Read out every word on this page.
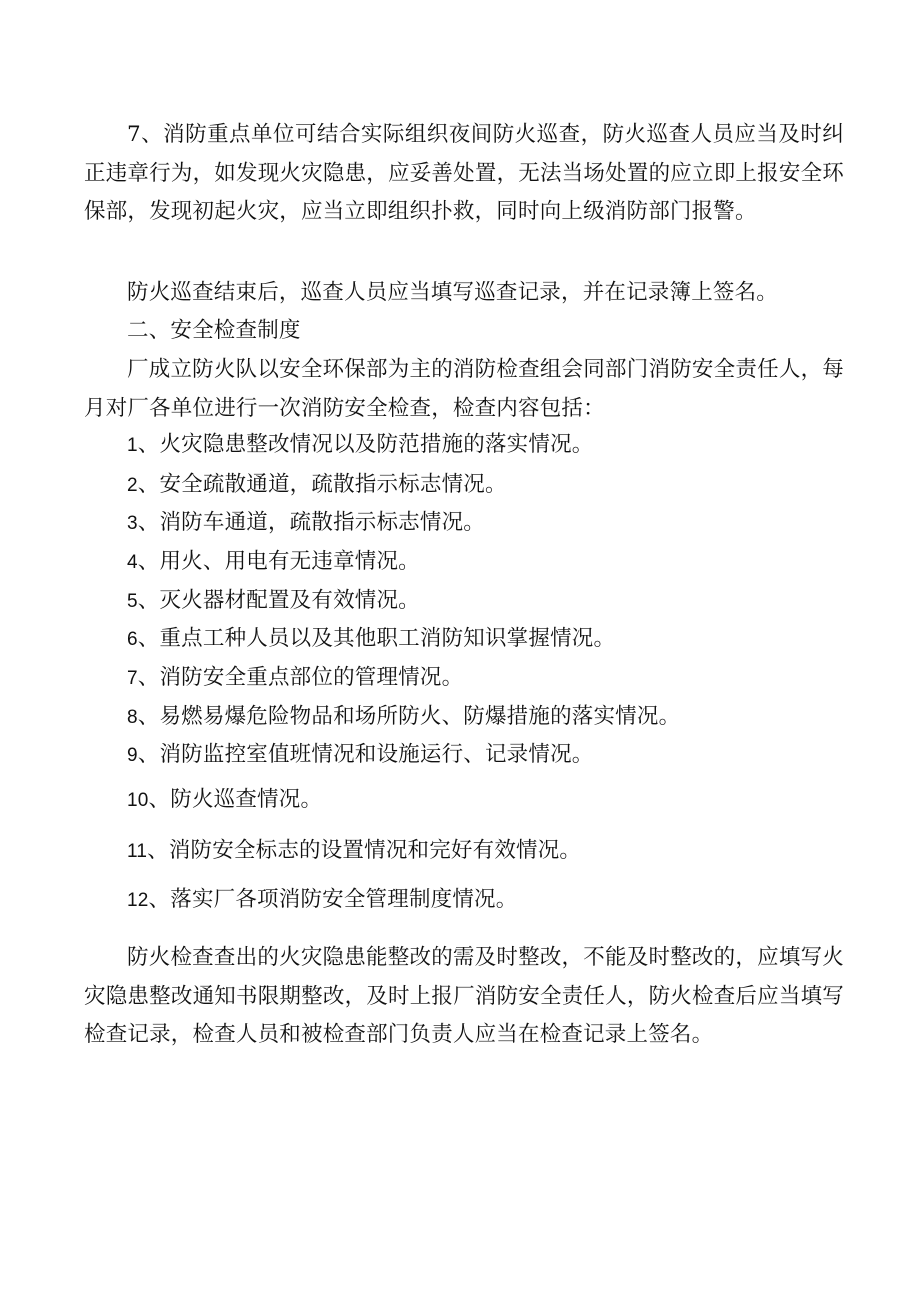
7、消防重点单位可结合实际组织夜间防火巡查，防火巡查人员应当及时纠正违章行为，如发现火灾隐患，应妥善处置，无法当场处置的应立即上报安全环保部，发现初起火灾，应当立即组织扑救，同时向上级消防部门报警。

防火巡查结束后，巡查人员应当填写巡查记录，并在记录簿上签名。

二、安全检查制度

厂成立防火队以安全环保部为主的消防检查组会同部门消防安全责任人，每月对厂各单位进行一次消防安全检查，检查内容包括：

1、火灾隐患整改情况以及防范措施的落实情况。

2、安全疏散通道，疏散指示标志情况。

3、消防车通道，疏散指示标志情况。

4、用火、用电有无违章情况。

5、灭火器材配置及有效情况。

6、重点工种人员以及其他职工消防知识掌握情况。

7、消防安全重点部位的管理情况。

8、易燃易爆危险物品和场所防火、防爆措施的落实情况。

9、消防监控室值班情况和设施运行、记录情况。

10、防火巡查情况。

11、消防安全标志的设置情况和完好有效情况。

12、落实厂各项消防安全管理制度情况。

防火检查查出的火灾隐患能整改的需及时整改，不能及时整改的，应填写火灾隐患整改通知书限期整改，及时上报厂消防安全责任人，防火检查后应当填写检查记录，检查人员和被检查部门负责人应当在检查记录上签名。
